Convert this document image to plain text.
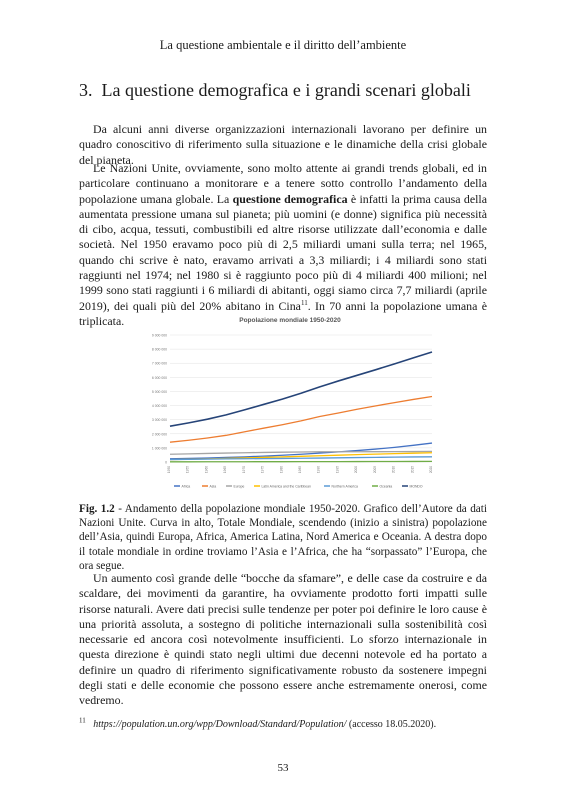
La questione ambientale e il diritto dell’ambiente
3. La questione demografica e i grandi scenari globali

Da alcuni anni diverse organizzazioni internazionali lavorano per definire un quadro conoscitivo di riferimento sulla situazione e le dinamiche della crisi globale del pianeta.

Le Nazioni Unite, ovviamente, sono molto attente ai grandi trends globali, ed in particolare continuano a monitorare e a tenere sotto controllo l’andamento della popolazione umana globale. La questione demografica è infatti la prima causa della aumentata pressione umana sul pianeta; più uomini (e donne) significa più necessità di cibo, acqua, tessuti, combustibili ed altre risorse utilizzate dall’economia e dalle società. Nel 1950 eravamo poco più di 2,5 miliardi umani sulla terra; nel 1965, quando chi scrive è nato, eravamo arrivati a 3,3 miliardi; i 4 miliardi sono stati raggiunti nel 1974; nel 1980 si è raggiunto poco più di 4 miliardi 400 milioni; nel 1999 sono stati raggiunti i 6 miliardi di abitanti, oggi siamo circa 7,7 miliardi (aprile 2019), dei quali più del 20% abitano in Cina$^{11}$. In 70 anni la popolazione umana è triplicata.	Popolazione mondiale 1950-2020
0
1 000 000
2 000 000
3 000 000
4 000 000
5 000 000
6 000 000
7 000 000
8 000 000
9 000 000
1950	1955	1960	1965	1970	1975	1980	1985	1990	1995	2000	2005	2010	2015	2020
Africa	Asia	Europe	Latin America and the Caribbean	Northern America	Oceania	MONDO

Fig. 1.2 - Andamento della popolazione mondiale 1950-2020. Grafico dell’Autore da dati Nazioni Unite. Curva in alto, Totale Mondiale, scendendo (inizio a sinistra) popolazione dell’Asia, quindi Europa, Africa, America Latina, Nord America e Oceania. A destra dopo il totale mondiale in ordine troviamo l’Asia e l’Africa, che ha “sorpassato” l’Europa, che ora segue.

Un aumento così grande delle “bocche da sfamare”, e delle case da costruire e da scaldare, dei movimenti da garantire, ha ovviamente prodotto forti impatti sulle risorse naturali. Avere dati precisi sulle tendenze per poter poi definire le loro cause è una priorità assoluta, a sostegno di politiche internazionali sulla sostenibilità così necessarie ed ancora così notevolmente insufficienti. Lo sforzo internazionale in questa direzione è quindi stato negli ultimi due decenni notevole ed ha portato a definire un quadro di riferimento significativamente robusto da sostenere impegni degli stati e delle economie che possono essere anche estremamente onerosi, come vedremo.

$^{11}$ https://population.un.org/wpp/Download/Standard/Population/ (accesso 18.05.2020).
53
